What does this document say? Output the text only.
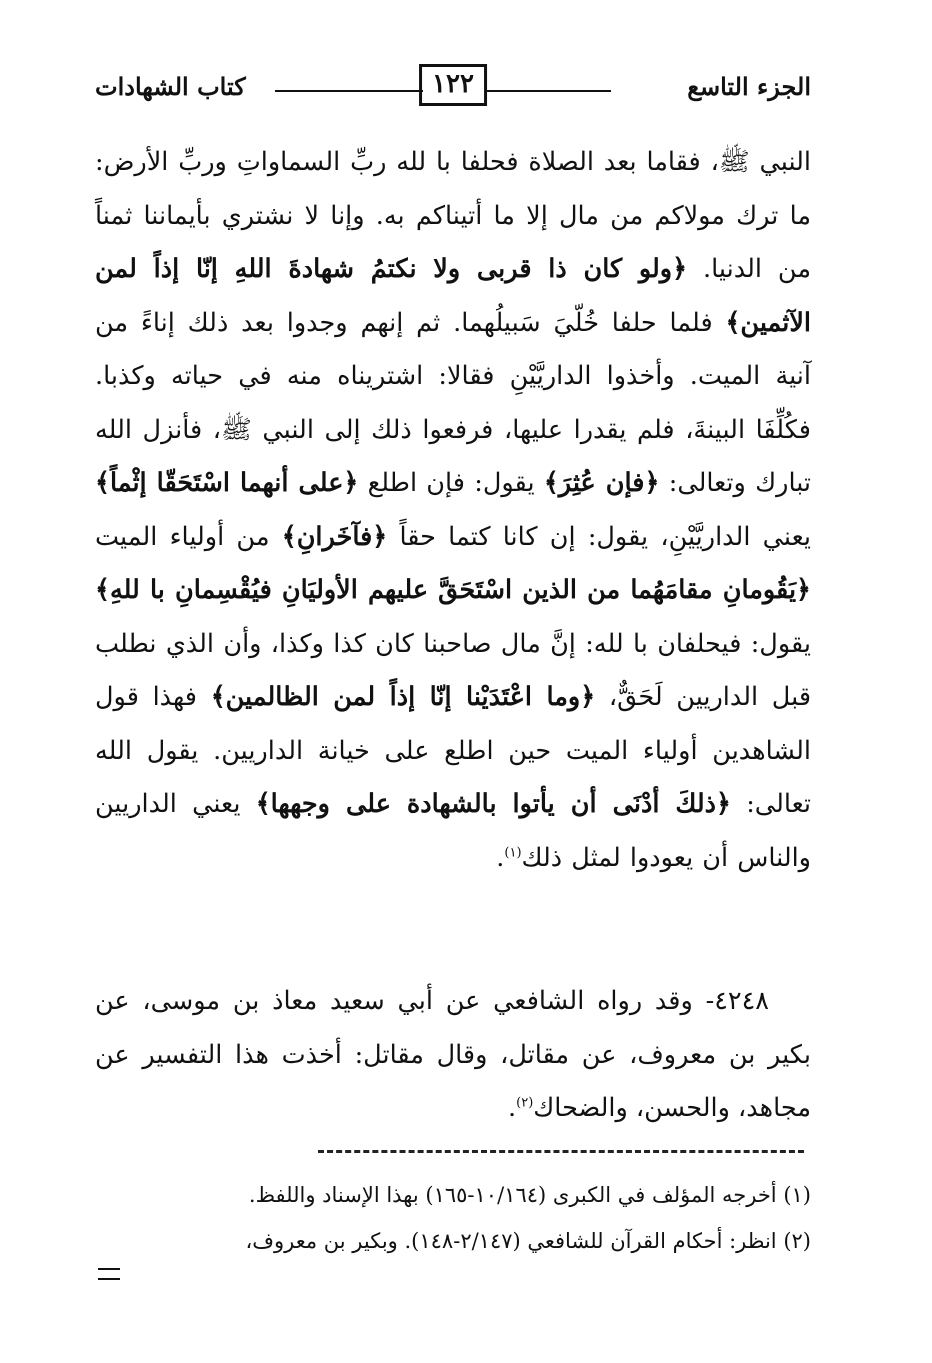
الجزء التاسع
١٢٢
كتاب الشهادات

النبي ﷺ، فقاما بعد الصلاة فحلفا با لله ربِّ السماواتِ وربِّ الأرض: ما ترك مولاكم من مال إلا ما أتيناكم به. وإنا لا نشتري بأيماننا ثمناً من الدنيا. ﴿ولو كان ذا قربى ولا نكتمُ شهادةَ اللهِ إنّا إذاً لمن الآثمين﴾ فلما حلفا خُلّيَ سَبيلُهما. ثم إنهم وجدوا بعد ذلك إناءً من آنية الميت. وأخذوا الداريَّيْنِ فقالا: اشتريناه منه في حياته وكذبا. فكُلِّفَا البينةَ، فلم يقدرا عليها، فرفعوا ذلك إلى النبي ﷺ، فأنزل الله تبارك وتعالى: ﴿فإن عُثِرَ﴾ يقول: فإن اطلع ﴿على أنهما اسْتَحَقّا إثْماً﴾ يعني الداريَّيْنِ، يقول: إن كانا كتما حقاً ﴿فآخَرانِ﴾ من أولياء الميت ﴿يَقُومانِ مقامَهُما من الذين اسْتَحَقَّ عليهم الأوليَانِ فيُقْسِمانِ با للهِ﴾ يقول: فيحلفان با لله: إنَّ مال صاحبنا كان كذا وكذا، وأن الذي نطلب قبل الداريين لَحَقٌّ، ﴿وما اعْتَدَيْنا إنّا إذاً لمن الظالمين﴾ فهذا قول الشاهدين أولياء الميت حين اطلع على خيانة الداريين. يقول الله تعالى: ﴿ذلكَ أدْنَى أن يأتوا بالشهادة على وجهها﴾ يعني الداريين والناس أن يعودوا لمثل ذلك$^{(١)}$.

٤٢٤٨- وقد رواه الشافعي عن أبي سعيد معاذ بن موسى، عن بكير بن معروف، عن مقاتل، وقال مقاتل: أخذت هذا التفسير عن مجاهد، والحسن، والضحاك$^{(٢)}$.

(١) أخرجه المؤلف في الكبرى (١٠/١٦٤-١٦٥) بهذا الإسناد واللفظ.

(٢) انظر: أحكام القرآن للشافعي (٢/١٤٧-١٤٨). وبكير بن معروف،
